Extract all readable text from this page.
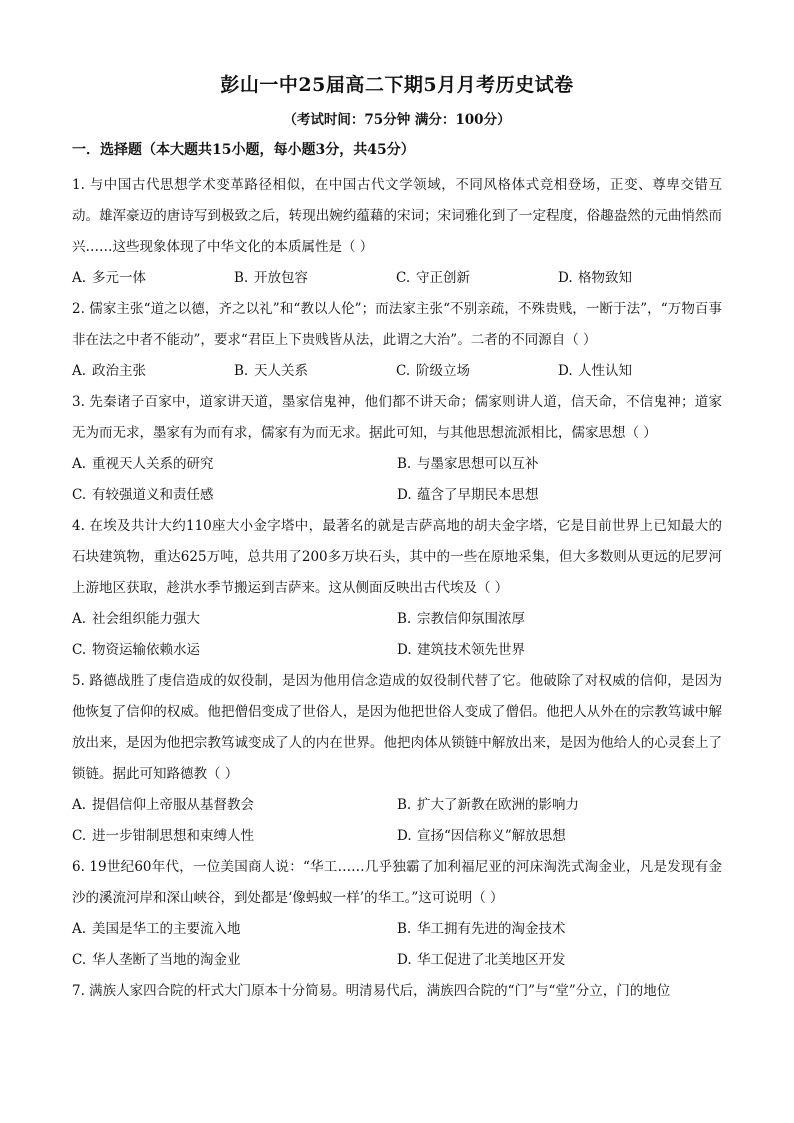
彭山一中25届高二下期5月月考历史试卷
（考试时间：75分钟 满分：100分）
一．选择题（本大题共15小题，每小题3分，共45分）

1. 与中国古代思想学术变革路径相似，在中国古代文学领域，不同风格体式竞相登场，正变、尊卑交错互动。雄浑豪迈的唐诗写到极致之后，转现出婉约蕴藉的宋词；宋词雅化到了一定程度，俗趣盎然的元曲悄然而兴……这些现象体现了中华文化的本质属性是（ ）

A. 多元一体	B. 开放包容	C. 守正创新	D. 格物致知

2. 儒家主张“道之以德，齐之以礼”和“教以人伦”；而法家主张“不别亲疏，不殊贵贱，一断于法”，“万物百事非在法之中者不能动”，要求“君臣上下贵贱皆从法，此谓之大治”。二者的不同源自（ ）

A. 政治主张	B. 天人关系	C. 阶级立场	D. 人性认知

3. 先秦诸子百家中，道家讲天道，墨家信鬼神，他们都不讲天命；儒家则讲人道，信天命，不信鬼神；道家无为而无求，墨家有为而有求，儒家有为而无求。据此可知，与其他思想流派相比，儒家思想（ ）

A. 重视天人关系的研究	B. 与墨家思想可以互补
C. 有较强道义和责任感	D. 蕴含了早期民本思想

4. 在埃及共计大约110座大小金字塔中，最著名的就是吉萨高地的胡夫金字塔，它是目前世界上已知最大的石块建筑物，重达625万吨，总共用了200多万块石头，其中的一些在原地采集，但大多数则从更远的尼罗河上游地区获取，趁洪水季节搬运到吉萨来。这从侧面反映出古代埃及（ ）

A. 社会组织能力强大	B. 宗教信仰氛围浓厚
C. 物资运输依赖水运	D. 建筑技术领先世界

5. 路德战胜了虔信造成的奴役制，是因为他用信念造成的奴役制代替了它。他破除了对权威的信仰，是因为他恢复了信仰的权威。他把僧侣变成了世俗人，是因为他把世俗人变成了僧侣。他把人从外在的宗教笃诚中解放出来，是因为他把宗教笃诚变成了人的内在世界。他把肉体从锁链中解放出来，是因为他给人的心灵套上了锁链。据此可知路德教（ ）

A. 提倡信仰上帝服从基督教会	B. 扩大了新教在欧洲的影响力
C. 进一步钳制思想和束缚人性	D. 宣扬“因信称义”解放思想

6. 19世纪60年代，一位美国商人说：“华工……几乎独霸了加利福尼亚的河床淘洗式淘金业，凡是发现有金沙的溪流河岸和深山峡谷，到处都是‘像蚂蚁一样’的华工。”这可说明（ ）

A. 美国是华工的主要流入地	B. 华工拥有先进的淘金技术
C. 华人垄断了当地的淘金业	D. 华工促进了北美地区开发

7. 满族人家四合院的杆式大门原本十分简易。明清易代后，满族四合院的“门”与“堂”分立，门的地位
